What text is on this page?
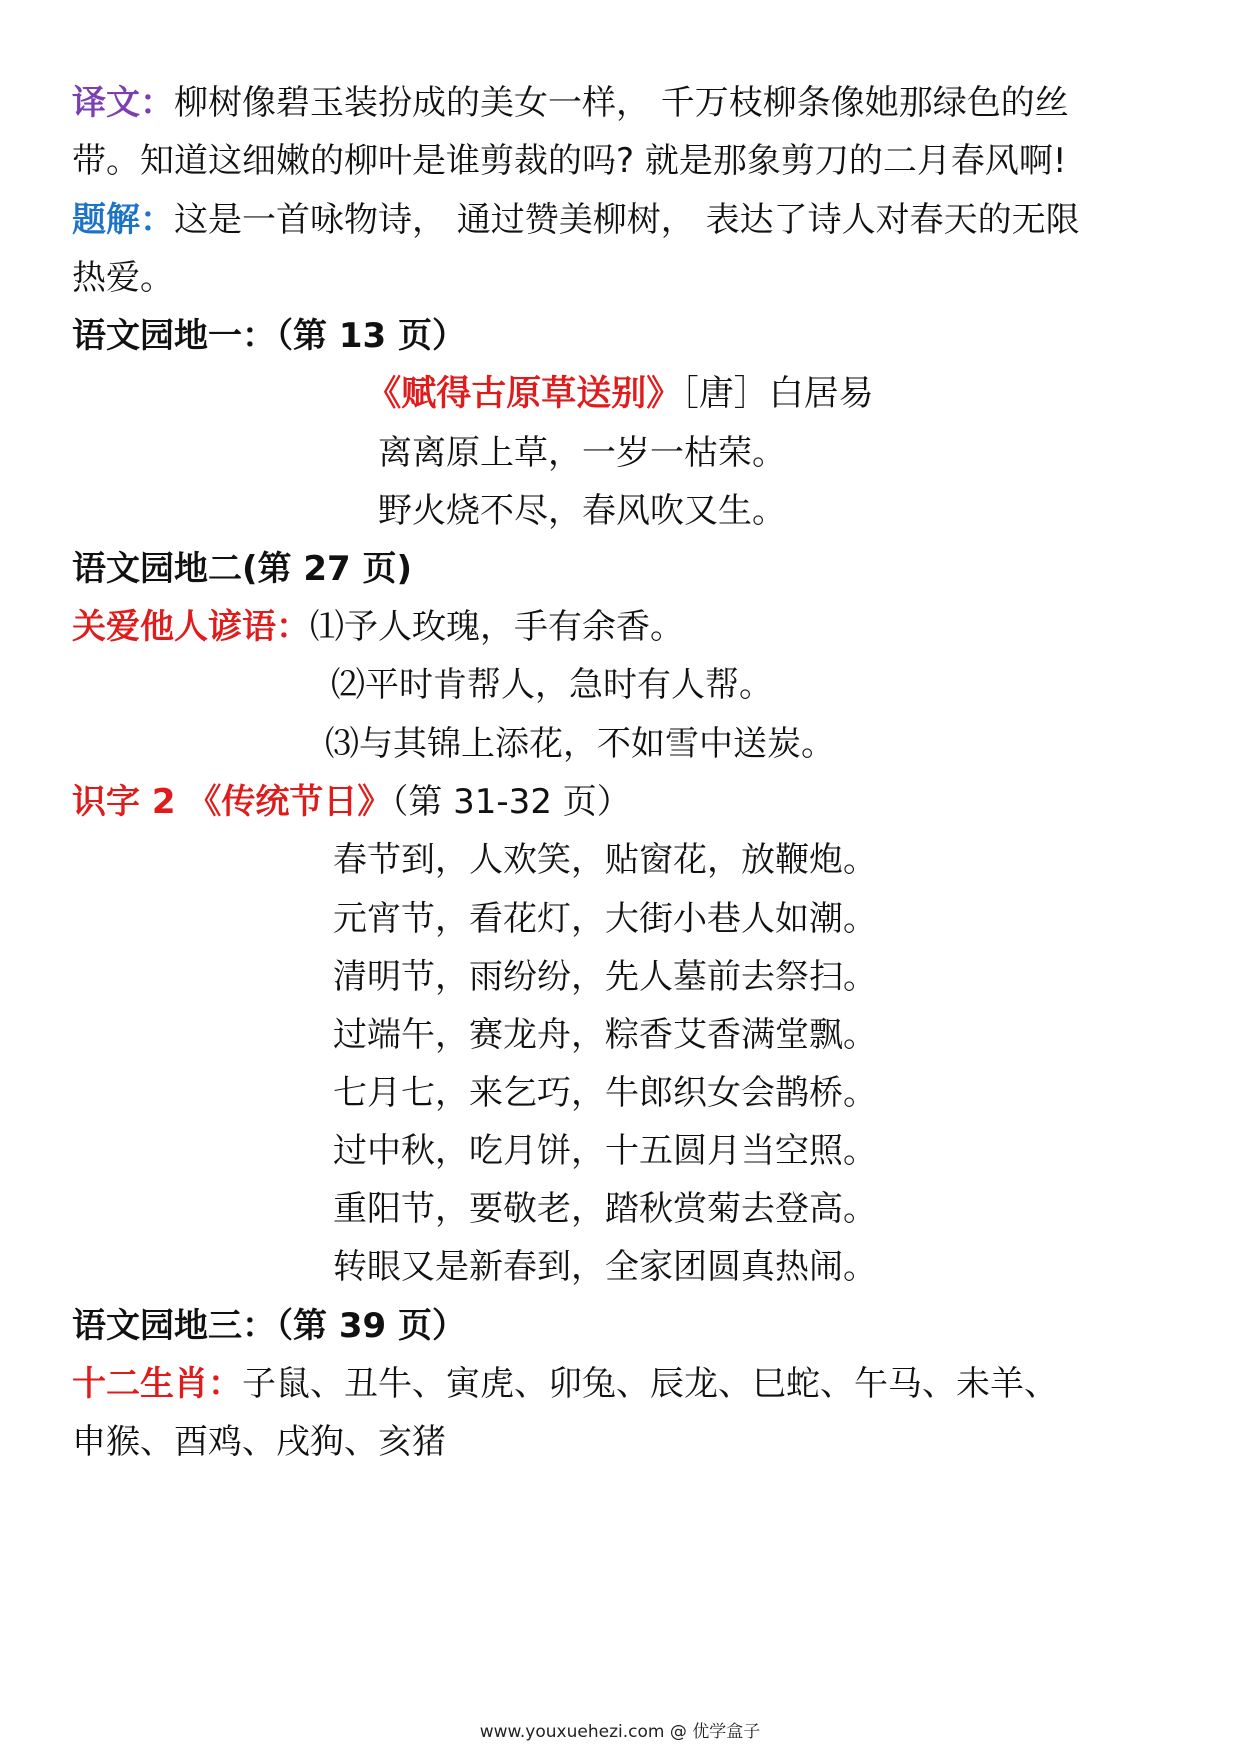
译文：柳树像碧玉装扮成的美女一样， 千万枝柳条像她那绿色的丝
带。知道这细嫩的柳叶是谁剪裁的吗? 就是那象剪刀的二月春风啊!
题解：这是一首咏物诗， 通过赞美柳树， 表达了诗人对春天的无限
热爱。
语文园地一：（第 13 页）
《赋得古原草送别》［唐］白居易
离离原上草，一岁一枯荣。
野火烧不尽，春风吹又生。
语文园地二(第 27 页)
关爱他人谚语：⑴予人玫瑰，手有余香。
⑵平时肯帮人，急时有人帮。
⑶与其锦上添花，不如雪中送炭。
识字 2 《传统节日》（第 31-32 页）
春节到，人欢笑，贴窗花，放鞭炮。
元宵节，看花灯，大街小巷人如潮。
清明节，雨纷纷，先人墓前去祭扫。
过端午，赛龙舟，粽香艾香满堂飘。
七月七，来乞巧，牛郎织女会鹊桥。
过中秋，吃月饼，十五圆月当空照。
重阳节，要敬老，踏秋赏菊去登高。
转眼又是新春到，全家团圆真热闹。
语文园地三：（第 39 页）
十二生肖：子鼠、丑牛、寅虎、卯兔、辰龙、巳蛇、午马、未羊、
申猴、酉鸡、戌狗、亥猪
www.youxuehezi.com @ 优学盒子
